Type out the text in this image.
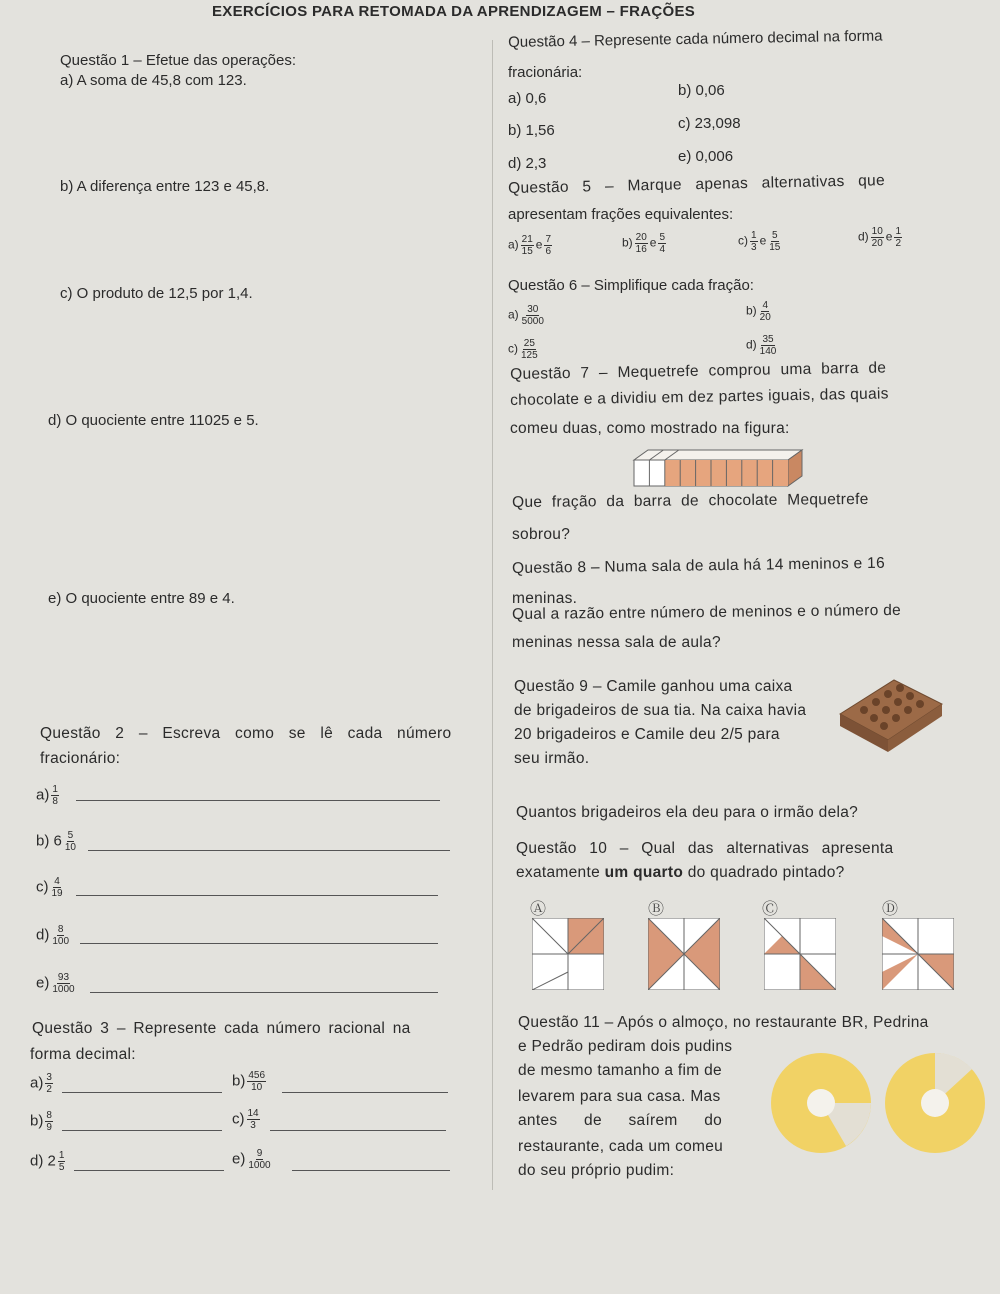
EXERCÍCIOS PARA RETOMADA DA APRENDIZAGEM – FRAÇÕES
Questão 1 – Efetue das operações:
a) A soma de 45,8 com 123.
b) A diferença entre 123 e 45,8.
c) O produto de 12,5 por 1,4.
d) O quociente entre 11025 e 5.
e) O quociente entre 89 e 4.
Questão 2 – Escreva como se lê cada número
fracionário:
$a) \frac{1}{8}$
b) $6 \frac{5}{10}$
$c) \frac{4}{19}$
$d) \frac{8}{100}$
$e) \frac{93}{1000}$
Questão 3 – Represente cada número racional na
forma decimal:
$a) \frac{3}{2}$	$b) \frac{456}{10}$
$b) \frac{8}{9}$	$c) \frac{14}{3}$
d) $2 \frac{1}{5}$	$e) \frac{9}{1000}$
Questão 4 – Represente cada número decimal na forma
fracionária:
a) 0,6	b) 0,06
b) 1,56	c) 23,098
d) 2,3	e) 0,006
Questão 5 – Marque apenas alternativas que
apresentam frações equivalentes:
$a) \frac{21}{15}$ e $\frac{7}{6}$	$b) \frac{20}{16}$ e $\frac{5}{4}$	$c) \frac{1}{3}$ e $\frac{5}{15}$	$d) \frac{10}{20}$ e $\frac{1}{2}$
Questão 6 – Simplifique cada fração:
$a) \frac{30}{5000}$	$b) \frac{4}{20}$
$c) \frac{25}{125}$	$d) \frac{35}{140}$
Questão 7 – Mequetrefe comprou uma barra de
chocolate e a dividiu em dez partes iguais, das quais
comeu duas, como mostrado na figura:
Que fração da barra de chocolate Mequetrefe
sobrou?
Questão 8 – Numa sala de aula há 14 meninos e 16
meninas.
Qual a razão entre número de meninos e o número de
meninas nessa sala de aula?
Questão 9 – Camile ganhou uma caixa
de brigadeiros de sua tia. Na caixa havia
20 brigadeiros e Camile deu 2/5 para
seu irmão.
Quantos brigadeiros ela deu para o irmão dela?
Questão 10 – Qual das alternativas apresenta
exatamente um quarto do quadrado pintado?
Ⓐ	Ⓑ	Ⓒ	Ⓓ
Questão 11 – Após o almoço, no restaurante BR, Pedrina
e Pedrão pediram dois pudins
de mesmo tamanho a fim de
levarem para sua casa. Mas
antes de saírem do
restaurante, cada um comeu
do seu próprio pudim:
